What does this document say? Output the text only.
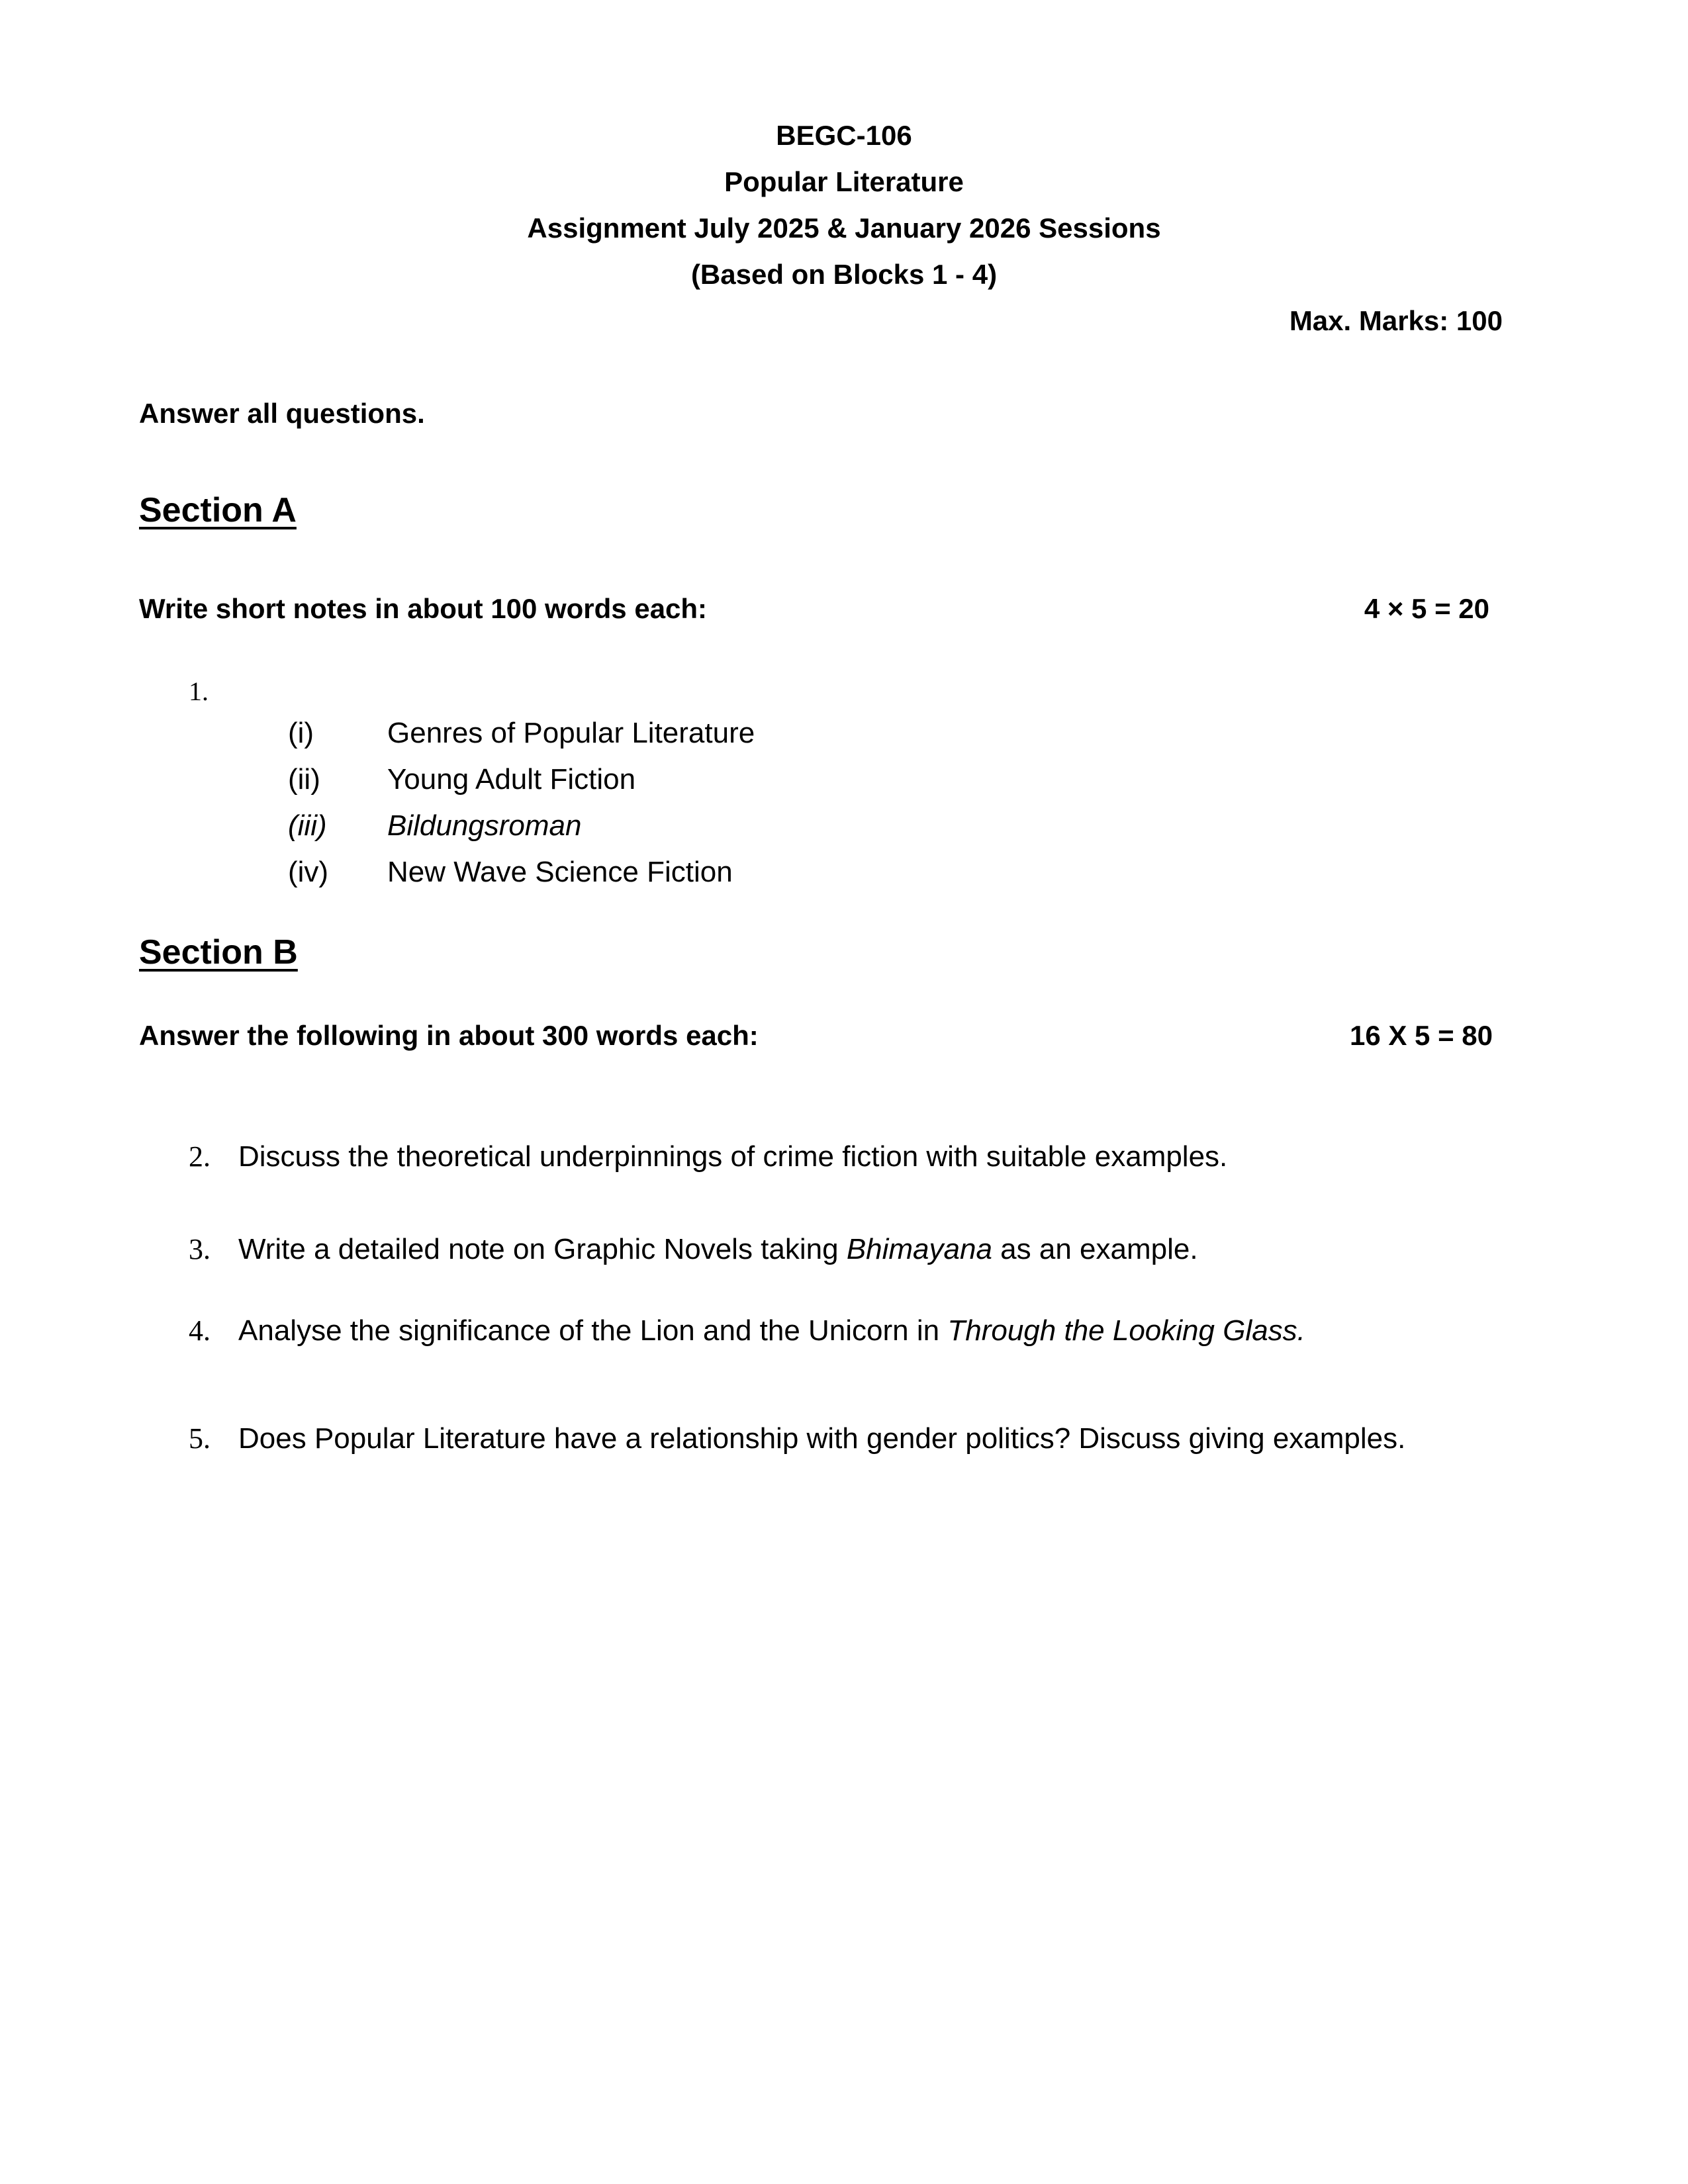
BEGC-106
Popular Literature
Assignment July 2025 & January 2026 Sessions
(Based on Blocks 1 - 4)
Max. Marks: 100
Answer all questions.
Section A
Write short notes in about 100 words each:	4 × 5 = 20
1.
(i)	Genres of Popular Literature
(ii) Young Adult Fiction
(iii) Bildungsroman
(iv) New Wave Science Fiction
Section B
Answer the following in about 300 words each:	16 X 5 = 80
2. Discuss the theoretical underpinnings of crime fiction with suitable examples.
3. Write a detailed note on Graphic Novels taking Bhimayana as an example.
4. Analyse the significance of the Lion and the Unicorn in Through the Looking Glass.
5. Does Popular Literature have a relationship with gender politics? Discuss giving examples.
